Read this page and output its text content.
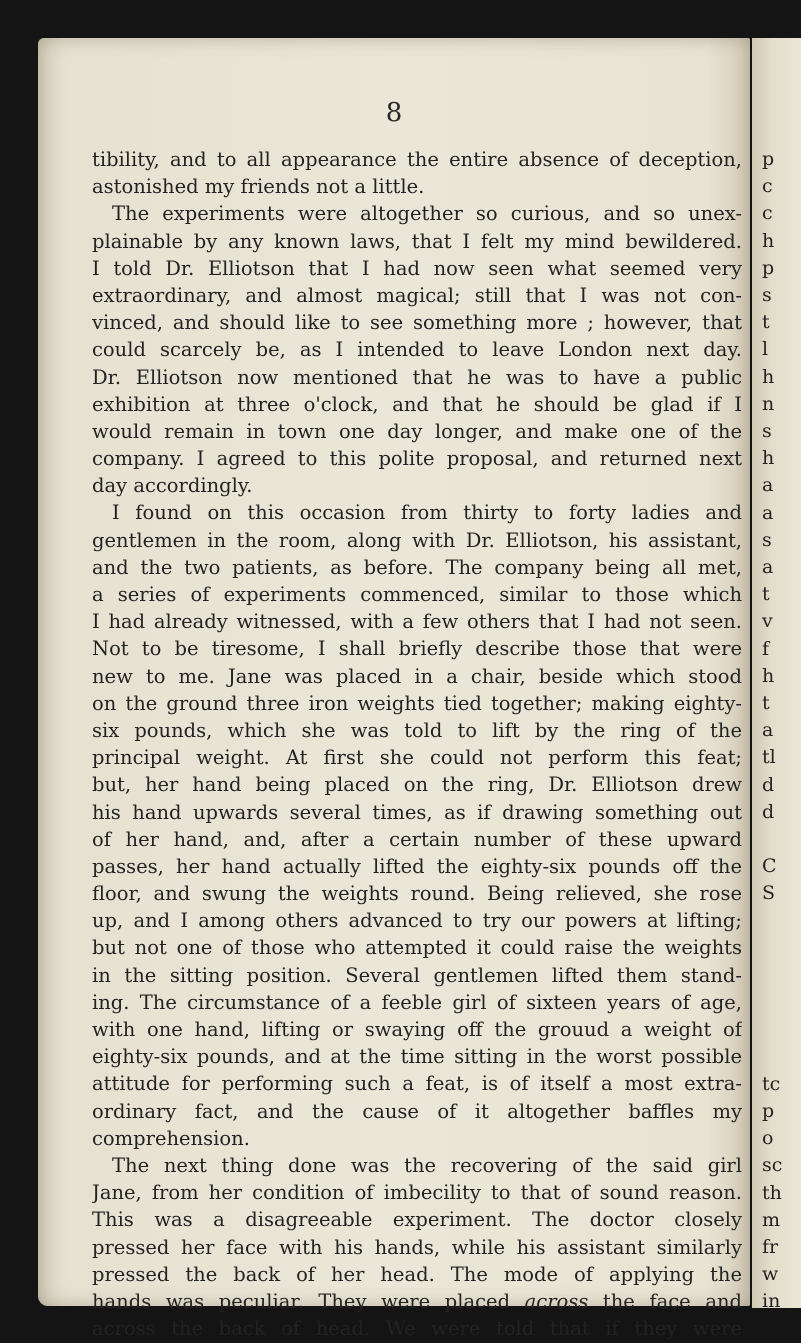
8
tibility, and to all appearance the entire absence of deception,
astonished my friends not a little.
The experiments were altogether so curious, and so unex-
plainable by any known laws, that I felt my mind bewildered.
I told Dr. Elliotson that I had now seen what seemed very
extraordinary, and almost magical; still that I was not con-
vinced, and should like to see something more ; however, that
could scarcely be, as I intended to leave London next day.
Dr. Elliotson now mentioned that he was to have a public
exhibition at three o'clock, and that he should be glad if I
would remain in town one day longer, and make one of the
company. I agreed to this polite proposal, and returned next
day accordingly.
I found on this occasion from thirty to forty ladies and
gentlemen in the room, along with Dr. Elliotson, his assistant,
and the two patients, as before. The company being all met,
a series of experiments commenced, similar to those which
I had already witnessed, with a few others that I had not seen.
Not to be tiresome, I shall briefly describe those that were
new to me. Jane was placed in a chair, beside which stood
on the ground three iron weights tied together; making eighty-
six pounds, which she was told to lift by the ring of the
principal weight. At first she could not perform this feat;
but, her hand being placed on the ring, Dr. Elliotson drew
his hand upwards several times, as if drawing something out
of her hand, and, after a certain number of these upward
passes, her hand actually lifted the eighty-six pounds off the
floor, and swung the weights round. Being relieved, she rose
up, and I among others advanced to try our powers at lifting;
but not one of those who attempted it could raise the weights
in the sitting position. Several gentlemen lifted them stand-
ing. The circumstance of a feeble girl of sixteen years of age,
with one hand, lifting or swaying off the grouud a weight of
eighty-six pounds, and at the time sitting in the worst possible
attitude for performing such a feat, is of itself a most extra-
ordinary fact, and the cause of it altogether baffles my
comprehension.
The next thing done was the recovering of the said girl
Jane, from her condition of imbecility to that of sound reason.
This was a disagreeable experiment. The doctor closely
pressed her face with his hands, while his assistant similarly
pressed the back of her head. The mode of applying the
hands was peculiar. They were placed across the face and
across the back of head. We were told that if they were
p
c
c
h
p
s
t
l
h
n
s
h
a
a
s
a
t
v
f
h
t
a
tl
d
d
C
S
tc
p
o
sc
th
m
fr
w
in
